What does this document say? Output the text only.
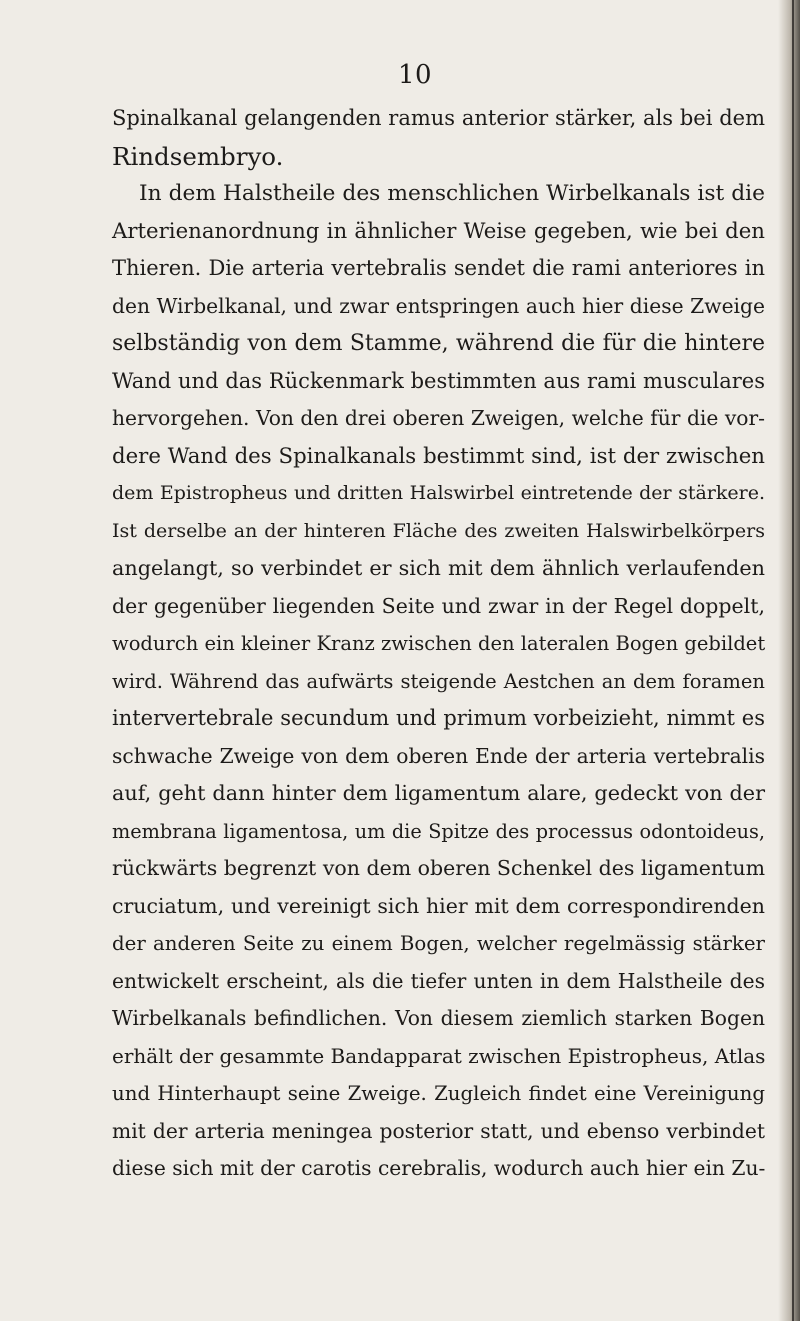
10
Spinalkanal gelangenden ramus anterior stärker, als bei dem
Rindsembryo.
In dem Halstheile des menschlichen Wirbelkanals ist die
Arterienanordnung in ähnlicher Weise gegeben, wie bei den
Thieren. Die arteria vertebralis sendet die rami anteriores in
den Wirbelkanal, und zwar entspringen auch hier diese Zweige
selbständig von dem Stamme, während die für die hintere
Wand und das Rückenmark bestimmten aus rami musculares
hervorgehen. Von den drei oberen Zweigen, welche für die vor-
dere Wand des Spinalkanals bestimmt sind, ist der zwischen
dem Epistropheus und dritten Halswirbel eintretende der stärkere.
Ist derselbe an der hinteren Fläche des zweiten Halswirbelkörpers
angelangt, so verbindet er sich mit dem ähnlich verlaufenden
der gegenüber liegenden Seite und zwar in der Regel doppelt,
wodurch ein kleiner Kranz zwischen den lateralen Bogen gebildet
wird. Während das aufwärts steigende Aestchen an dem foramen
intervertebrale secundum und primum vorbeizieht, nimmt es
schwache Zweige von dem oberen Ende der arteria vertebralis
auf, geht dann hinter dem ligamentum alare, gedeckt von der
membrana ligamentosa, um die Spitze des processus odontoideus,
rückwärts begrenzt von dem oberen Schenkel des ligamentum
cruciatum, und vereinigt sich hier mit dem correspondirenden
der anderen Seite zu einem Bogen, welcher regelmässig stärker
entwickelt erscheint, als die tiefer unten in dem Halstheile des
Wirbelkanals befindlichen. Von diesem ziemlich starken Bogen
erhält der gesammte Bandapparat zwischen Epistropheus, Atlas
und Hinterhaupt seine Zweige. Zugleich findet eine Vereinigung
mit der arteria meningea posterior statt, und ebenso verbindet
diese sich mit der carotis cerebralis, wodurch auch hier ein Zu-
